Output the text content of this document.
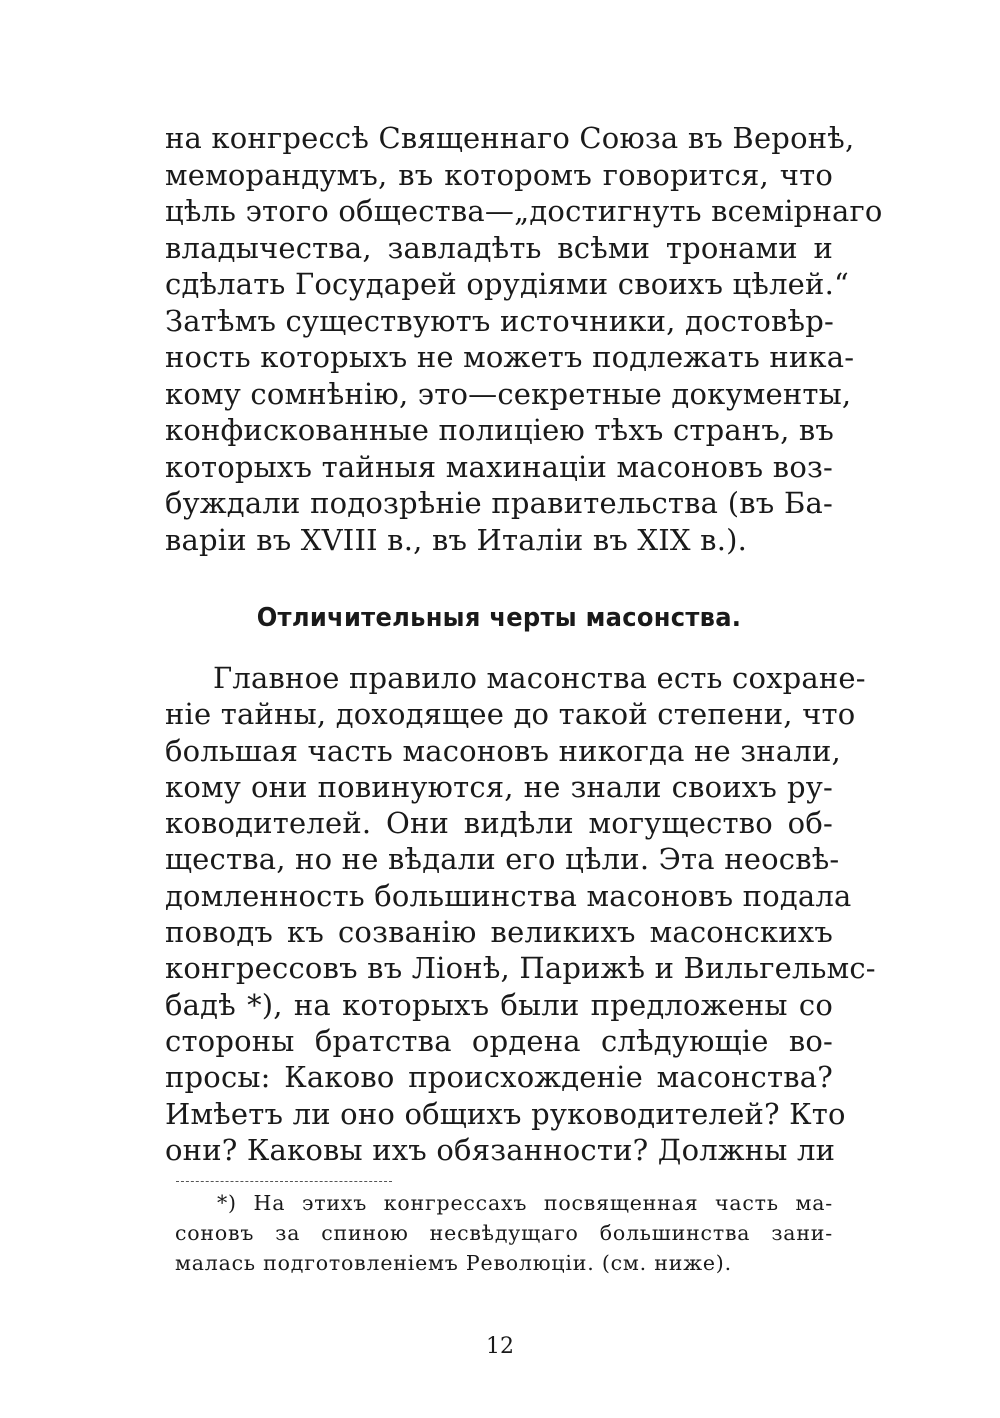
на конгрессѣ Священнаго Союза въ Веронѣ,
меморандумъ, въ которомъ говорится, что
цѣль этого общества—„достигнуть всемірнаго
владычества, завладѣть всѣми тронами и
сдѣлать Государей орудіями своихъ цѣлей.“
Затѣмъ существуютъ источники, достовѣр-
ность которыхъ не можетъ подлежать ника-
кому сомнѣнію, это—секретные документы,
конфискованные полиціею тѣхъ странъ, въ
которыхъ тайныя махинаціи масоновъ воз-
буждали подозрѣніе правительства (въ Ба-
варіи въ XVIII в., въ Италіи въ XIX в.).
Отличительныя черты масонства.
Главное правило масонства есть сохране-
ніе тайны, доходящее до такой степени, что
большая часть масоновъ никогда не знали,
кому они повинуются, не знали своихъ ру-
ководителей. Они видѣли могущество об-
щества, но не вѣдали его цѣли. Эта неосвѣ-
домленность большинства масоновъ подала
поводъ къ созванію великихъ масонскихъ
конгрессовъ въ Ліонѣ, Парижѣ и Вильгельмс-
бадѣ *), на которыхъ были предложены со
стороны братства ордена слѣдующіе во-
просы: Каково происхожденіе масонства?
Имѣетъ ли оно общихъ руководителей? Кто
они? Каковы ихъ обязанности? Должны ли
*) На этихъ конгрессахъ посвященная часть ма-
соновъ за спиною несвѣдущаго большинства зани-
малась подготовленіемъ Революціи. (см. ниже).
12
